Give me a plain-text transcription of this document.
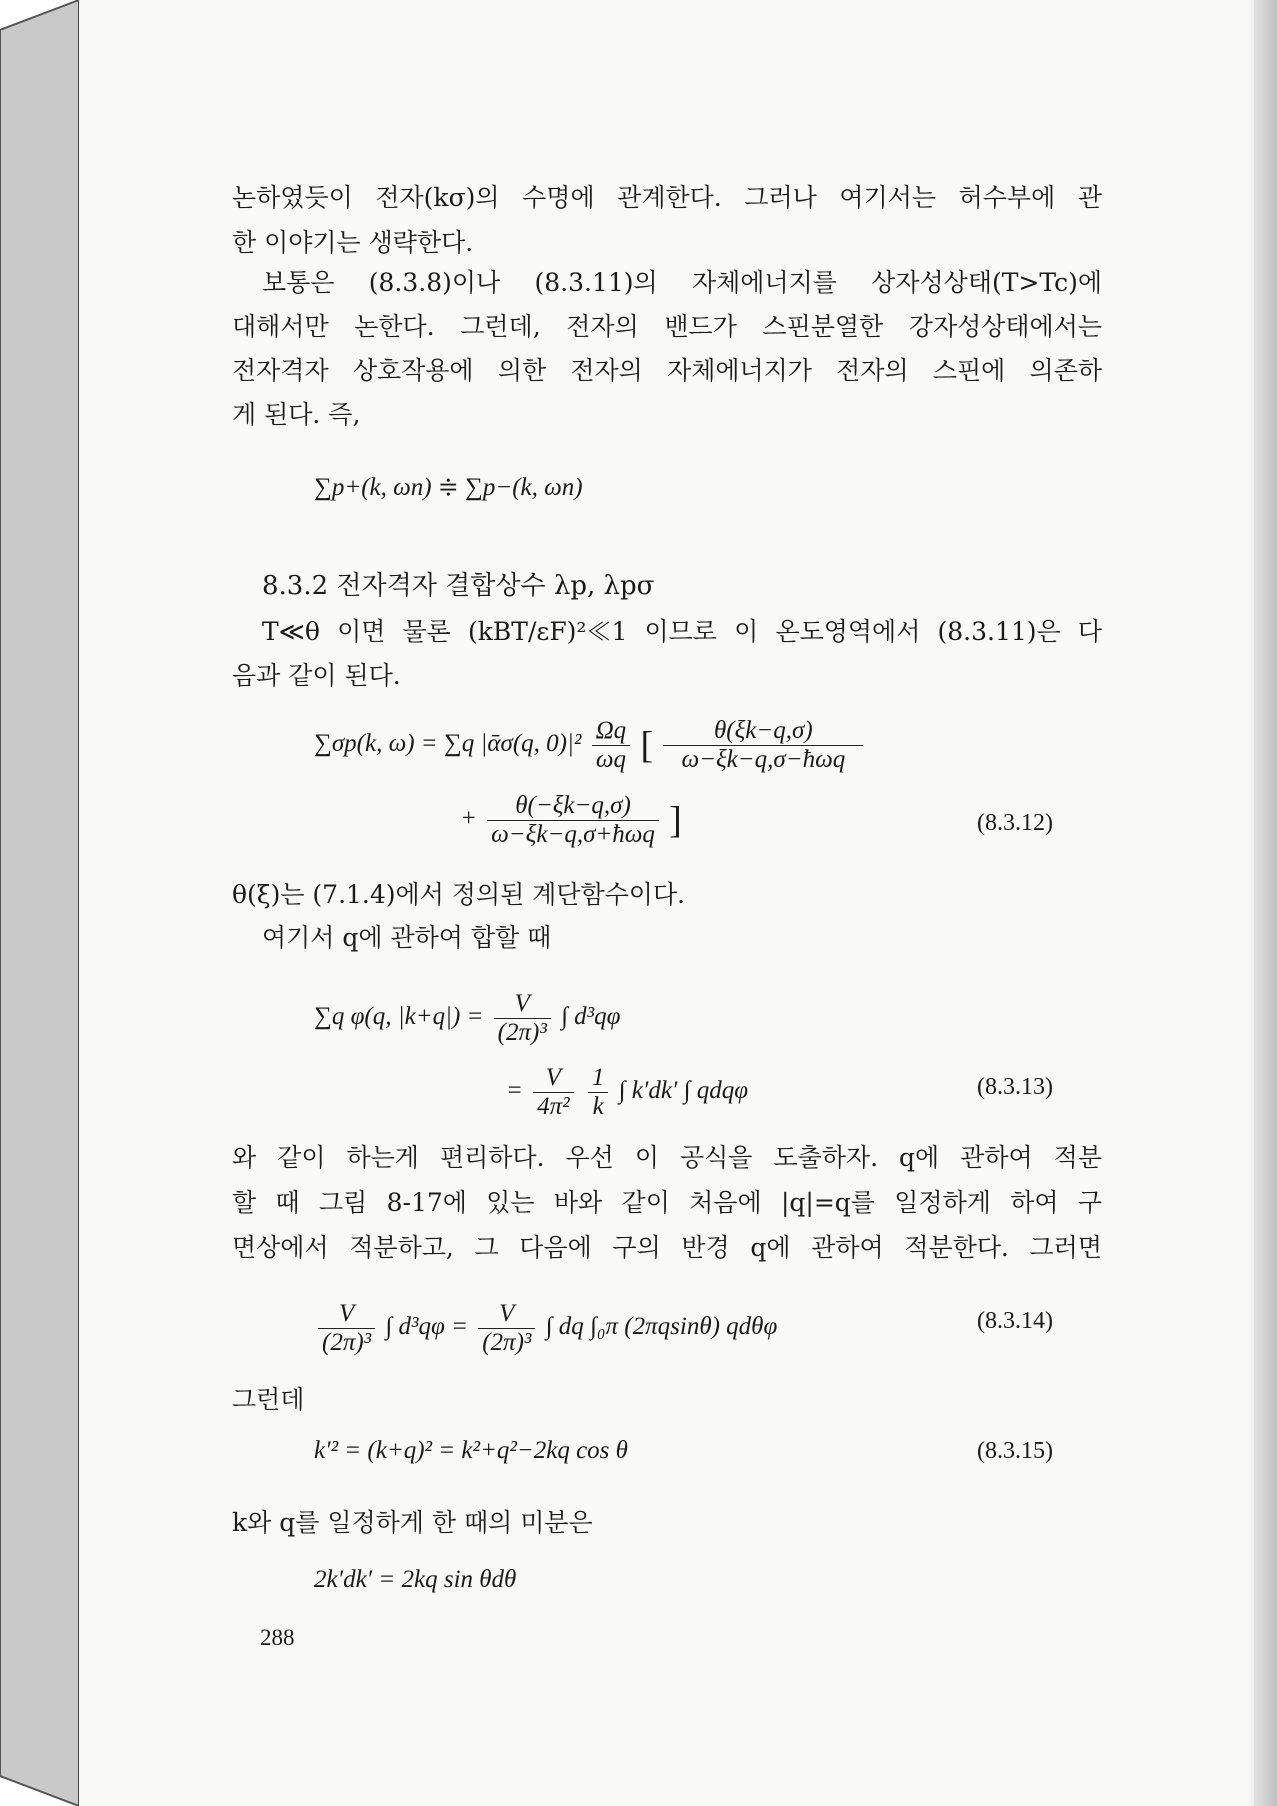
논하였듯이 전자(kσ)의 수명에 관계한다. 그러나 여기서는 허수부에 관
한 이야기는 생략한다.
보통은 (8.3.8)이나 (8.3.11)의 자체에너지를 상자성상태(T>Tc)에
대해서만 논한다. 그런데, 전자의 밴드가 스핀분열한 강자성상태에서는
전자격자 상호작용에 의한 전자의 자체에너지가 전자의 스핀에 의존하
게 된다. 즉,
∑p+(k, ωn) ≑ ∑p−(k, ωn)
8.3.2 전자격자 결합상수 λp, λpσ
T≪θ 이면 물론 (kBT/εF)²≪1 이므로 이 온도영역에서 (8.3.11)은 다
음과 같이 된다.
∑σp(k, ω) = ∑q |ᾱσ(q, $0)|^2 \frac{\Omega q}{\omega q}$ [ $\frac{\theta(\xi k-q,\sigma)}{\text{ω−ξk−q,σ−ħωq}}$
+ $\frac{\theta(-\xi k-q,\sigma)}{\text{ω−ξk−q,σ+ħωq}}$ ]	(8.3.12)
θ(ξ)는 (7.1.4)에서 정의된 계단함수이다.
여기서 q에 관하여 합할 때
∑q φ(q, $|k+q|) = \frac{V}{\text{(2π)³}}$ ∫ d³qφ
= $\frac{V}{\text{4π²}}$
$\frac{1}{k}$ ∫ k′dk′ ∫ qdqφ	(8.3.13)
와 같이 하는게 편리하다. 우선 이 공식을 도출하자. q에 관하여 적분
할 때 그림 8-17에 있는 바와 같이 처음에 |q|=q를 일정하게 하여 구
면상에서 적분하고, 그 다음에 구의 반경 q에 관하여 적분한다. 그러면
$\frac{V}{\text{(2π)³}}$ ∫ $d^3q\varphi = \frac{V}{\text{(2π)³}}$ ∫ dq ∫₀π (2πqsinθ) qdθφ	(8.3.14)
그런데
k′² = (k+q)² = k²+q²−2kq cos θ	(8.3.15)
k와 q를 일정하게 한 때의 미분은
2k′dk′ = 2kq sin θdθ
288
